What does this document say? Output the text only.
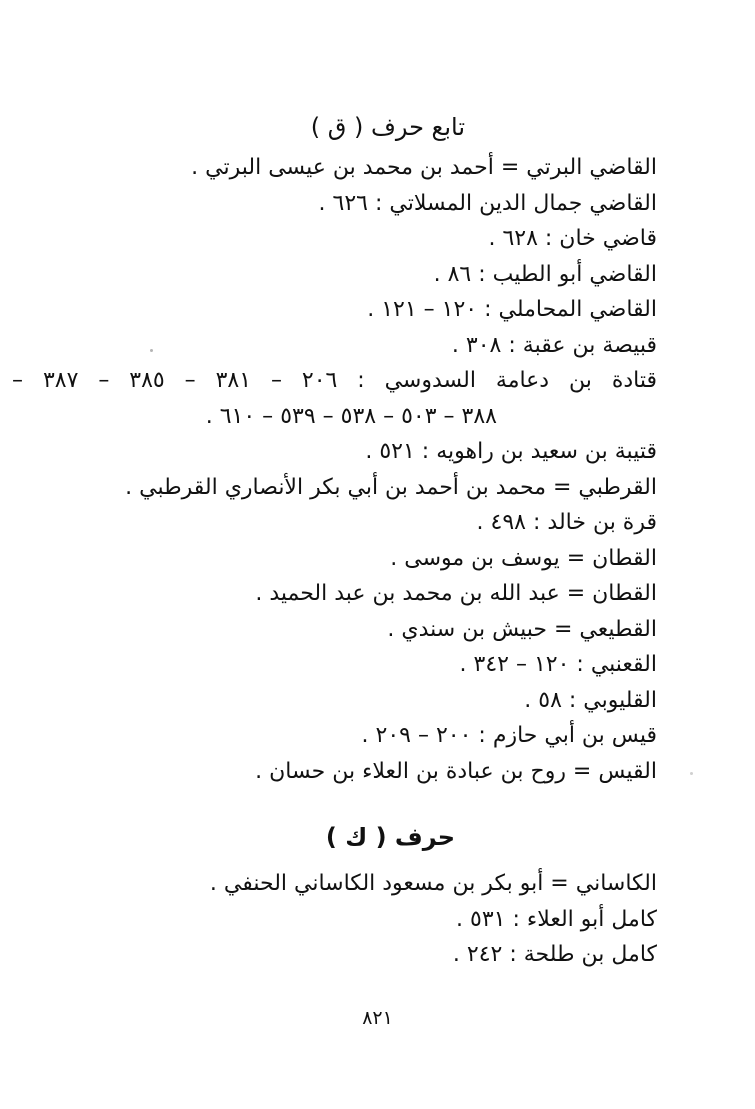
تابع حرف ( ق )
القاضي البرتي = أحمد بن محمد بن عيسى البرتي .
القاضي جمال الدين المسلاتي : ٦٢٦ .
قاضي خان : ٦٢٨ .
القاضي أبو الطيب : ٨٦ .
القاضي المحاملي : ١٢٠ – ١٢١ .
قبيصة بن عقبة : ٣٠٨ .
قتادة بن دعامة السدوسي : ٢٠٦ – ٣٨١ – ٣٨٥ – ٣٨٧ –
٣٨٨ – ٥٠٣ – ٥٣٨ – ٥٣٩ – ٦١٠ .
قتيبة بن سعيد بن راهويه : ٥٢١ .
القرطبي = محمد بن أحمد بن أبي بكر الأنصاري القرطبي .
قرة بن خالد : ٤٩٨ .
القطان = يوسف بن موسى .
القطان = عبد الله بن محمد بن عبد الحميد .
القطيعي = حبيش بن سندي .
القعنبي : ١٢٠ – ٣٤٢ .
القليوبي : ٥٨ .
قيس بن أبي حازم : ٢٠٠ – ٢٠٩ .
القيس = روح بن عبادة بن العلاء بن حسان .
حرف ( ك )
الكاساني = أبو بكر بن مسعود الكاساني الحنفي .
كامل أبو العلاء : ٥٣١ .
كامل بن طلحة : ٢٤٢ .
٨٢١
